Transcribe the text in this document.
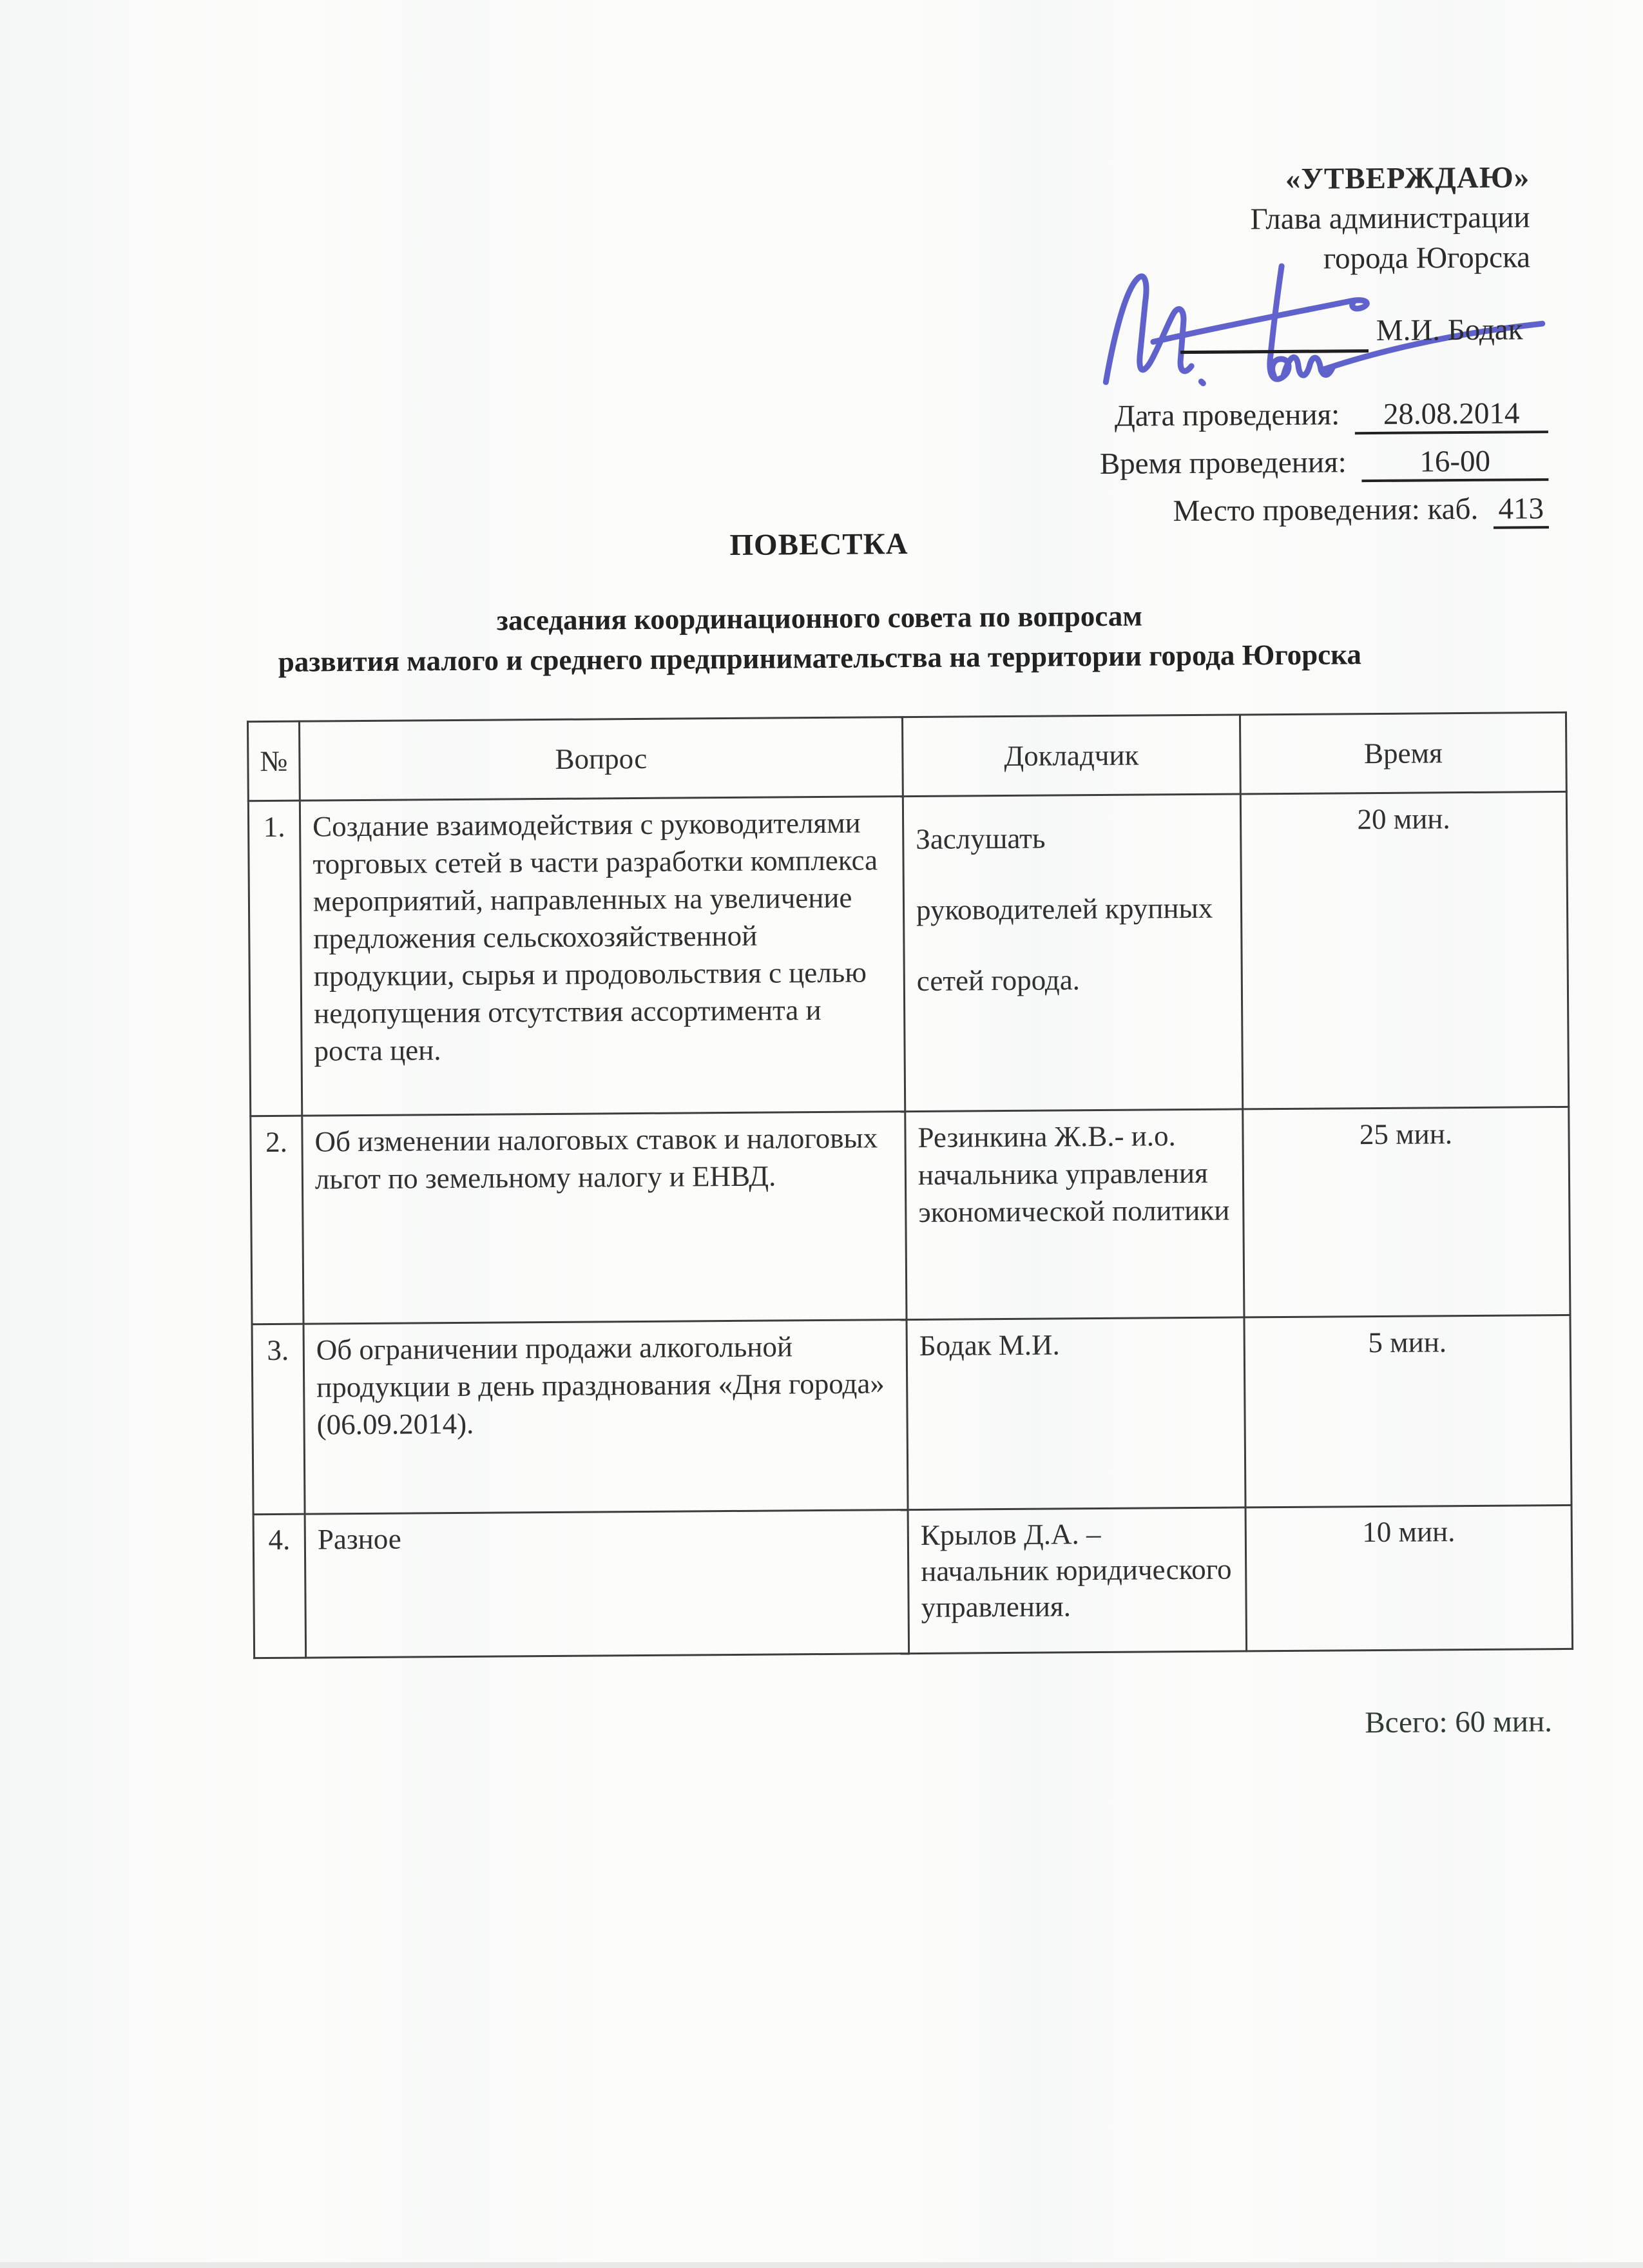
«УТВЕРЖДАЮ»
Глава администрации
города Югорска
М.И. Бодак
Дата проведения: 28.08.2014
Время проведения: 16-00
Место проведения: каб. 413
ПОВЕСТКА
заседания координационного совета по вопросам
развития малого и среднего предпринимательства на территории города Югорска
№	Вопрос	Докладчик	Время
1.	Создание взаимодействия с руководителями торговых сетей в части разработки комплекса мероприятий, направленных на увеличение предложения сельскохозяйственной продукции, сырья и продовольствия с целью недопущения отсутствия ассортимента и роста цен.	Заслушать руководителей крупных сетей города.	20 мин.
2.	Об изменении налоговых ставок и налоговых льгот по земельному налогу и ЕНВД.	Резинкина Ж.В.- и.о. начальника управления экономической политики	25 мин.
3.	Об ограничении продажи алкогольной продукции в день празднования «Дня города» (06.09.2014).	Бодак М.И.	5 мин.
4.	Разное	Крылов Д.А. – начальник юридического управления.	10 мин.
Всего: 60 мин.
